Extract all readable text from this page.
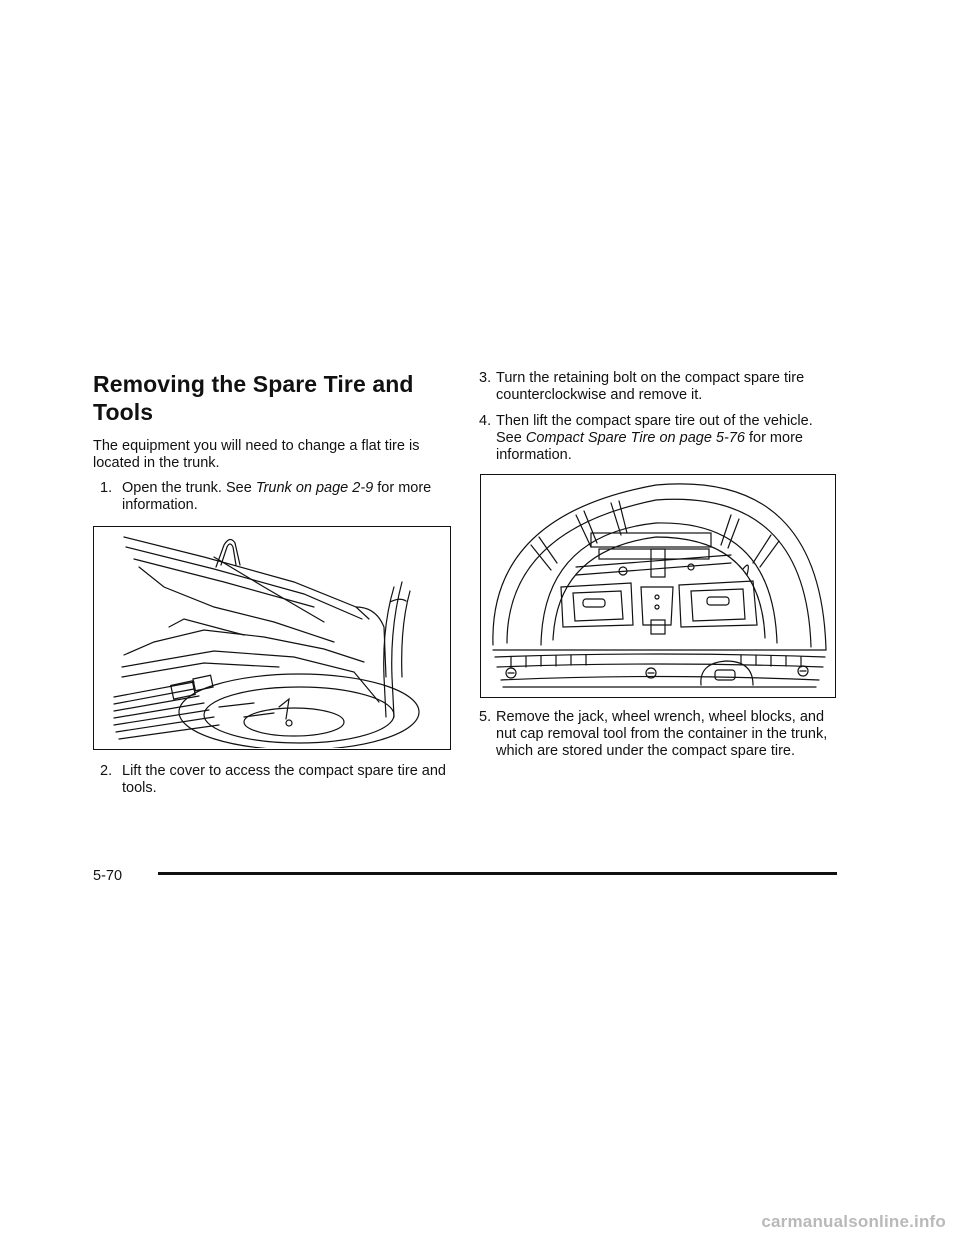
Removing the Spare Tire and Tools

The equipment you will need to change a flat tire is located in the trunk.

1. Open the trunk. See Trunk on page 2-9 for more information.
2. Lift the cover to access the compact spare tire and tools.
3. Turn the retaining bolt on the compact spare tire counterclockwise and remove it.
4. Then lift the compact spare tire out of the vehicle. See Compact Spare Tire on page 5-76 for more information.
5. Remove the jack, wheel wrench, wheel blocks, and nut cap removal tool from the container in the trunk, which are stored under the compact spare tire.
5-70
carmanualsonline.info
